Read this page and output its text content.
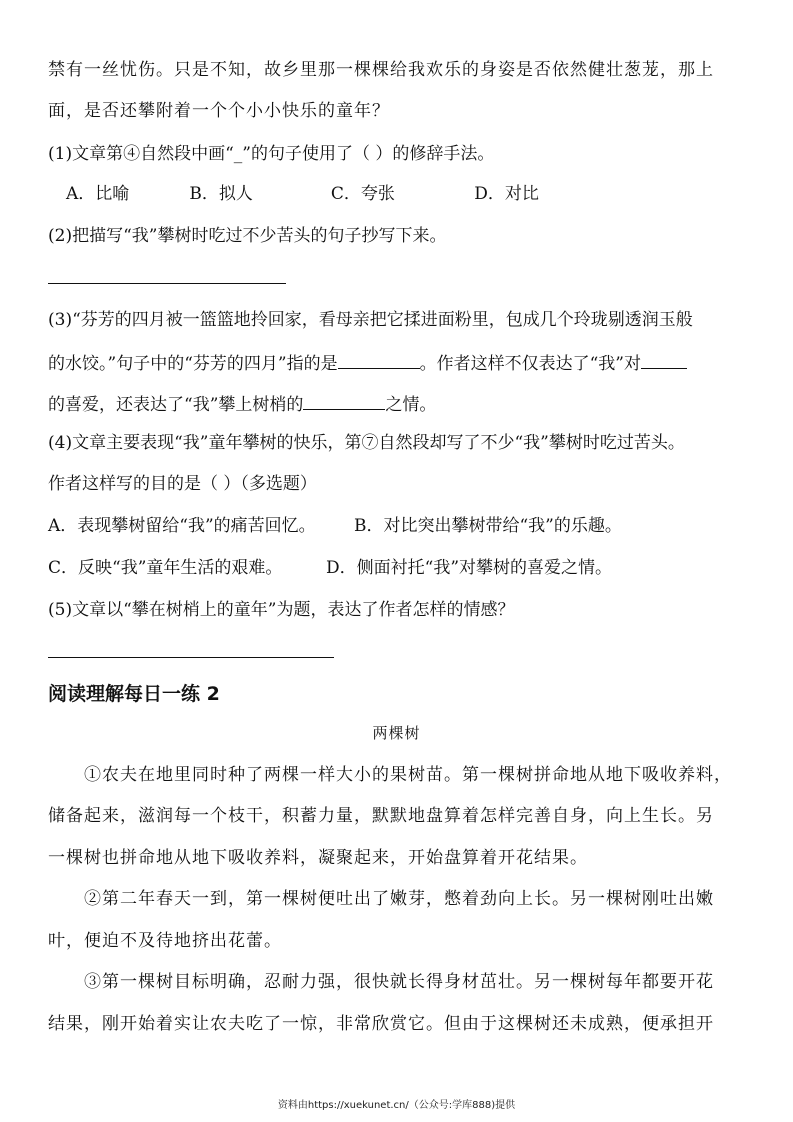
禁有一丝忧伤。只是不知，故乡里那一棵棵给我欢乐的身姿是否依然健壮葱茏，那上
面，是否还攀附着一个个小小快乐的童年？
(1)文章第④自然段中画“_”的句子使用了（ ）的修辞手法。
A．比喻	B．拟人	C．夸张	D．对比
(2)把描写“我”攀树时吃过不少苦头的句子抄写下来。
(3)“芬芳的四月被一篮篮地拎回家，看母亲把它揉进面粉里，包成几个玲珑剔透润玉般
的水饺。”句子中的“芬芳的四月”指的是	。作者这样不仅表达了“我”对
的喜爱，还表达了“我”攀上树梢的	之情。
(4)文章主要表现“我”童年攀树的快乐，第⑦自然段却写了不少“我”攀树时吃过苦头。
作者这样写的目的是（ ）（多选题）
A．表现攀树留给“我”的痛苦回忆。 B．对比突出攀树带给“我”的乐趣。
C．反映“我”童年生活的艰难。	D．侧面衬托“我”对攀树的喜爱之情。
(5)文章以“攀在树梢上的童年”为题，表达了作者怎样的情感？
阅读理解每日一练 2
两棵树
①农夫在地里同时种了两棵一样大小的果树苗。第一棵树拼命地从地下吸收养料，
储备起来，滋润每一个枝干，积蓄力量，默默地盘算着怎样完善自身，向上生长。另
一棵树也拼命地从地下吸收养料，凝聚起来，开始盘算着开花结果。
②第二年春天一到，第一棵树便吐出了嫩芽，憋着劲向上长。另一棵树刚吐出嫩
叶，便迫不及待地挤出花蕾。
③第一棵树目标明确，忍耐力强，很快就长得身材茁壮。另一棵树每年都要开花
结果，刚开始着实让农夫吃了一惊，非常欣赏它。但由于这棵树还未成熟，便承担开
资料由https://xuekunet.cn/（公众号:学库888)提供
